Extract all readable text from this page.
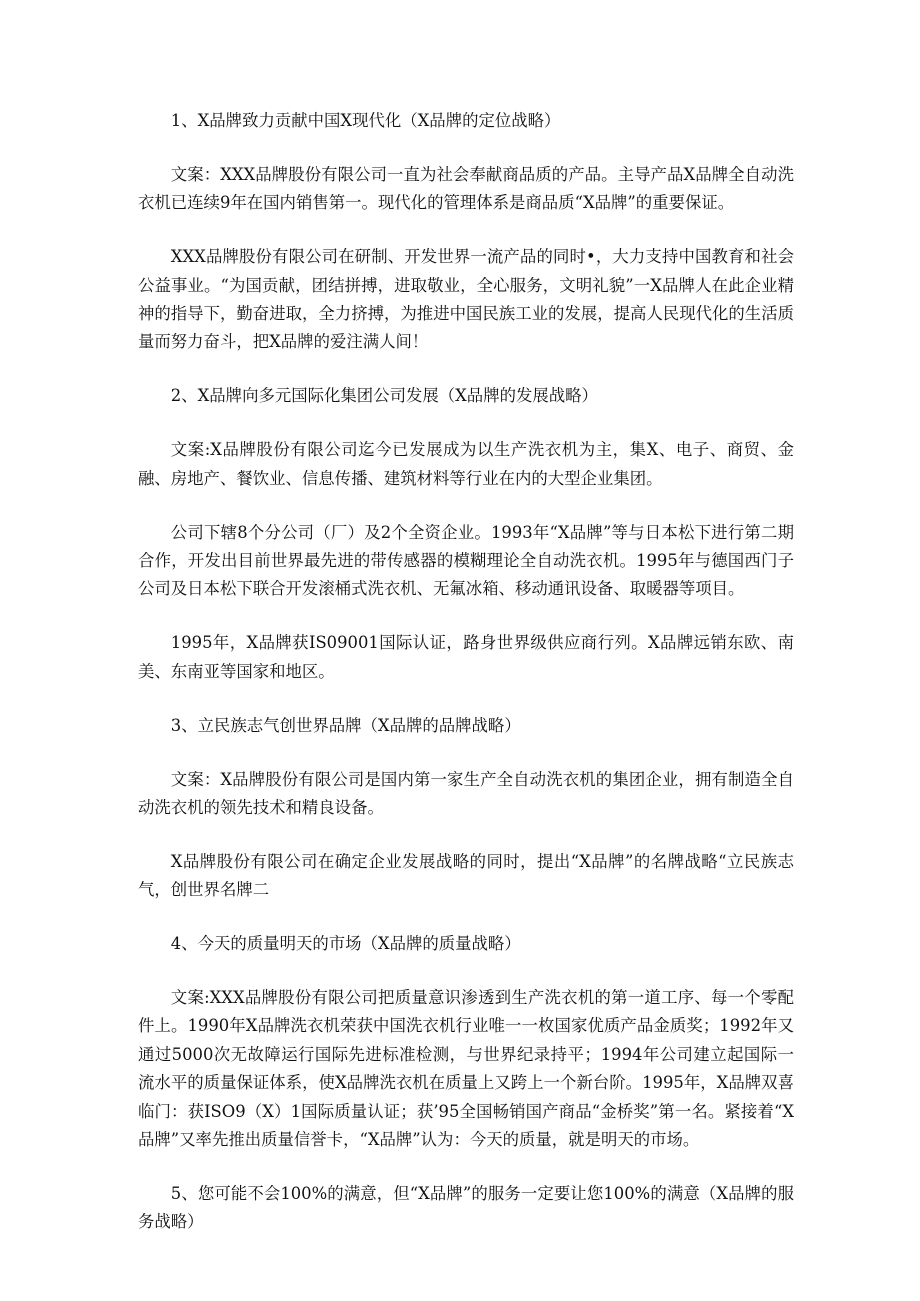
1、X品牌致力贡献中国X现代化（X品牌的定位战略）

文案：XXX品牌股份有限公司一直为社会奉献商品质的产品。主导产品X品牌全自动洗衣机已连续9年在国内销售第一。现代化的管理体系是商品质“X品牌”的重要保证。

XXX品牌股份有限公司在研制、开发世界一流产品的同时•，大力支持中国教育和社会公益事业。“为国贡献，团结拼搏，进取敬业，全心服务，文明礼貌”一X品牌人在此企业精神的指导下，勤奋进取，全力挤搏，为推进中国民族工业的发展，提高人民现代化的生活质量而努力奋斗，把X品牌的爱注满人间！

2、X品牌向多元国际化集团公司发展（X品牌的发展战略）

文案:X品牌股份有限公司迄今已发展成为以生产洗衣机为主，集X、电子、商贸、金融、房地产、餐饮业、信息传播、建筑材料等行业在内的大型企业集团。

公司下辖8个分公司（厂）及2个全资企业。1993年“X品牌”等与日本松下进行第二期合作，开发出目前世界最先进的带传感器的模糊理论全自动洗衣机。1995年与德国西门子公司及日本松下联合开发滚桶式洗衣机、无氟冰箱、移动通讯设备、取暖器等项目。

1995年，X品牌获IS09001国际认证，路身世界级供应商行列。X品牌远销东欧、南美、东南亚等国家和地区。

3、立民族志气创世界品牌（X品牌的品牌战略）

文案：X品牌股份有限公司是国内第一家生产全自动洗衣机的集团企业，拥有制造全自动洗衣机的领先技术和精良设备。

X品牌股份有限公司在确定企业发展战略的同时，提出“X品牌”的名牌战略“立民族志气，创世界名牌二

4、今天的质量明天的市场（X品牌的质量战略）

文案:XXX品牌股份有限公司把质量意识渗透到生产洗衣机的第一道工序、每一个零配件上。1990年X品牌洗衣机荣获中国洗衣机行业唯一一枚国家优质产品金质奖；1992年又通过5000次无故障运行国际先进标准检测，与世界纪录持平；1994年公司建立起国际一流水平的质量保证体系，使X品牌洗衣机在质量上又跨上一个新台阶。1995年，X品牌双喜临门：获ISO9（X）1国际质量认证；获’95全国畅销国产商品“金桥奖”第一名。紧接着“X品牌”又率先推出质量信誉卡，“X品牌”认为：今天的质量，就是明天的市场。

5、您可能不会100%的满意，但“X品牌”的服务一定要让您100%的满意（X品牌的服务战略）
